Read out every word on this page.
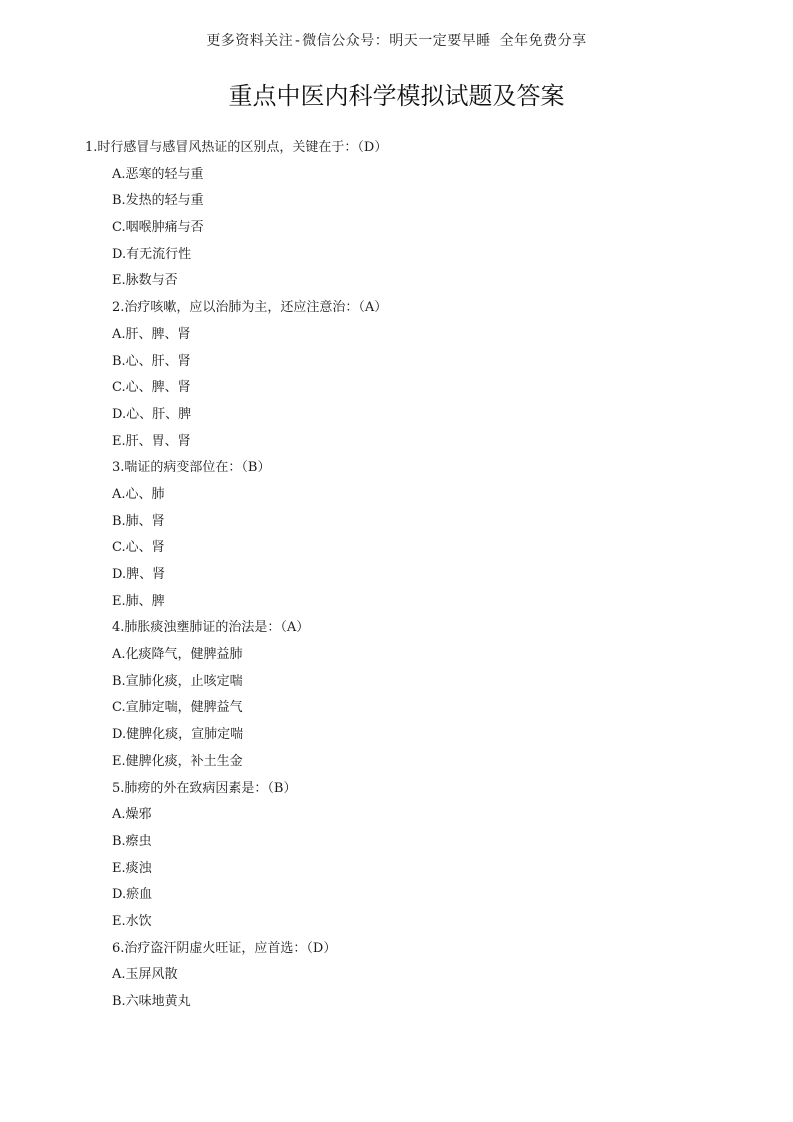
更多资料关注-微信公众号：明天一定要早睡 全年免费分享
重点中医内科学模拟试题及答案
1.时行感冒与感冒风热证的区别点，关键在于：（D）
A.恶寒的轻与重
B.发热的轻与重
C.咽喉肿痛与否
D.有无流行性
E.脉数与否
2.治疗咳嗽，应以治肺为主，还应注意治：（A）
A.肝、脾、肾
B.心、肝、肾
C.心、脾、肾
D.心、肝、脾
E.肝、胃、肾
3.喘证的病变部位在：（B）
A.心、肺
B.肺、肾
C.心、肾
D.脾、肾
E.肺、脾
4.肺胀痰浊壅肺证的治法是：（A）
A.化痰降气，健脾益肺
B.宣肺化痰，止咳定喘
C.宣肺定喘，健脾益气
D.健脾化痰，宣肺定喘
E.健脾化痰，补土生金
5.肺痨的外在致病因素是：（B）
A.燥邪
B.瘵虫
E.痰浊
D.瘀血
E.水饮
6.治疗盗汗阴虚火旺证，应首选：（D）
A.玉屏风散
B.六味地黄丸
